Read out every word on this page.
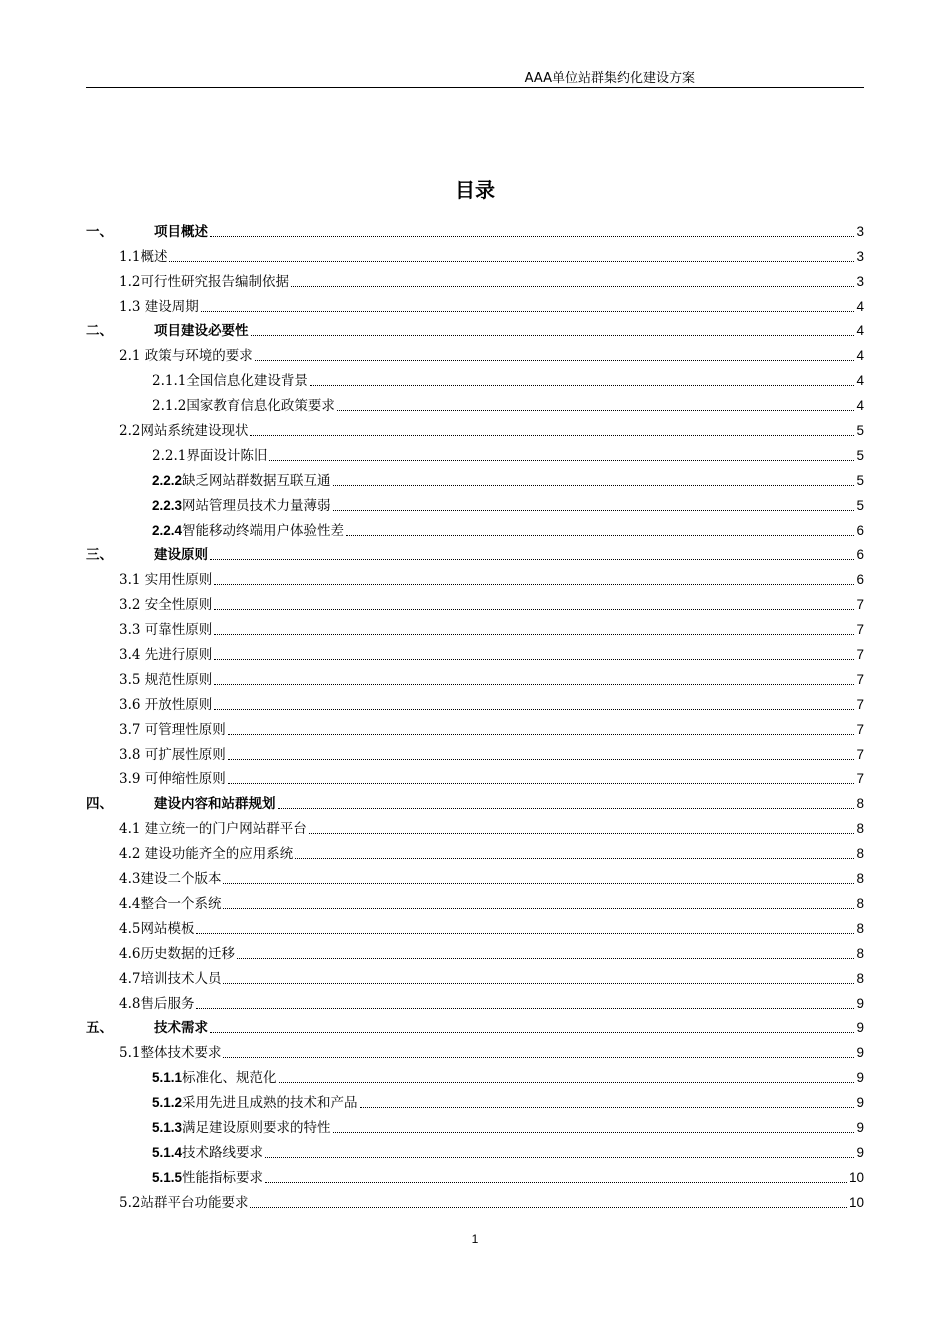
AAA单位站群集约化建设方案
目录
一、	项目概述	3
1.1概述	3
1.2可行性研究报告编制依据	3
1.3 建设周期	4
二、	项目建设必要性	4
2.1 政策与环境的要求	4
2.1.1全国信息化建设背景	4
2.1.2国家教育信息化政策要求	4
2.2网站系统建设现状	5
2.2.1界面设计陈旧	5
2.2.2 缺乏网站群数据互联互通	5
2.2.3 网站管理员技术力量薄弱	5
2.2.4 智能移动终端用户体验性差	6
三、	建设原则	6
3.1 实用性原则	6
3.2 安全性原则	7
3.3 可靠性原则	7
3.4 先进行原则	7
3.5 规范性原则	7
3.6 开放性原则	7
3.7 可管理性原则	7
3.8 可扩展性原则	7
3.9 可伸缩性原则	7
四、	建设内容和站群规划	8
4.1 建立统一的门户网站群平台	8
4.2 建设功能齐全的应用系统	8
4.3建设二个版本	8
4.4整合一个系统	8
4.5网站模板	8
4.6历史数据的迁移	8
4.7培训技术人员	8
4.8售后服务	9
五、	技术需求	9
5.1整体技术要求	9
5.1.1 标准化、规范化	9
5.1.2 采用先进且成熟的技术和产品	9
5.1.3 满足建设原则要求的特性	9
5.1.4 技术路线要求	9
5.1.5 性能指标要求	10
5.2站群平台功能要求	10
1
